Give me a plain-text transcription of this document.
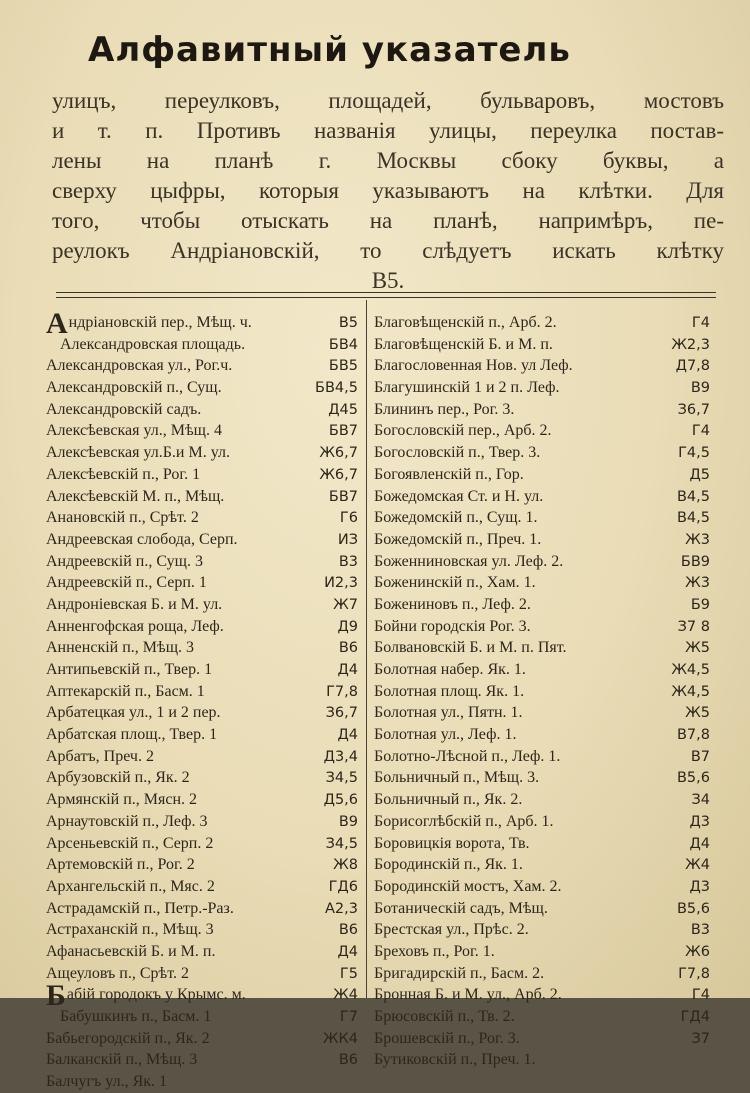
Алфавитный указатель
улицъ, переулковъ, площадей, бульваровъ, мостовъ
и т. п. Противъ названія улицы, переулка постав-
лены на планѣ г. Москвы сбоку буквы, а
сверху цыфры, которыя указываютъ на клѣтки. Для
того, чтобы отыскать на планѣ, напримѣръ, пе-
реулокъ Андріановскій, то слѣдуетъ искать клѣтку
В5.
Андріановскій пер., Мѣщ. ч.	В5
Александровская площадь.	БВ4
Александровская ул., Рог.ч.	БВ5
Александровскій п., Сущ.	БВ4,5
Александровскій садъ.	Д45
Алексѣевская ул., Мѣщ. 4	БВ7
Алексѣевская ул.Б.и М. ул.	Ж6,7
Алексѣевскій п., Рог. 1	Ж6,7
Алексѣевскій М. п., Мѣщ.	БВ7
Анановскій п., Срѣт. 2	Г6
Андреевская слобода, Серп.	ИЗ
Андреевскій п., Сущ. 3	В3
Андреевскій п., Серп. 1	И2,3
Андроніевская Б. и М. ул.	Ж7
Анненгофская роща, Леф.	Д9
Анненскій п., Мѣщ. 3	В6
Антипьевскій п., Твер. 1	Д4
Аптекарскій п., Басм. 1	Г7,8
Арбатецкая ул., 1 и 2 пер.	З6,7
Арбатская площ., Твер. 1	Д4
Арбатъ, Преч. 2	Д3,4
Арбузовскій п., Як. 2	З4,5
Армянскій п., Мясн. 2	Д5,6
Арнаутовскій п., Леф. 3	В9
Арсеньевскій п., Серп. 2	З4,5
Артемовскій п., Рог. 2	Ж8
Архангельскій п., Мяс. 2	ГД6
Астрадамскій п., Петр.-Раз.	А2,3
Астраханскій п., Мѣщ. 3	В6
Афанасьевскій Б. и М. п.	Д4
Ащеуловъ п., Срѣт. 2	Г5
Бабій городокъ у Крымс. м.	Ж4
Бабушкинъ п., Басм. 1	Г7
Бабьегородскій п., Як. 2	ЖК4
Балканскій п., Мѣщ. 3	В6
Балчугъ ул., Як. 1
Благовѣщенскій п., Арб. 2.	Г4
Благовѣщенскій Б. и М. п.	Ж2,3
Благословенная Нов. ул Леф.	Д7,8
Благушинскій 1 и 2 п. Леф.	В9
Блининъ пер., Рог. 3.	З6,7
Богословскій пер., Арб. 2.	Г4
Богословскій п., Твер. 3.	Г4,5
Богоявленскій п., Гор.	Д5
Божедомская Ст. и Н. ул.	В4,5
Божедомскій п., Сущ. 1.	В4,5
Божедомскій п., Преч. 1.	Ж3
Боженниновская ул. Леф. 2.	БВ9
Боженинскій п., Хам. 1.	Ж3
Божениновъ п., Леф. 2.	Б9
Бойни городскія Рог. 3.	З7 8
Болвановскій Б. и М. п. Пят.	Ж5
Болотная набер. Як. 1.	Ж4,5
Болотная площ. Як. 1.	Ж4,5
Болотная ул., Пятн. 1.	Ж5
Болотная ул., Леф. 1.	В7,8
Болотно-Лѣсной п., Леф. 1.	В7
Больничный п., Мѣщ. 3.	В5,6
Больничный п., Як. 2.	З4
Борисоглѣбскій п., Арб. 1.	Д3
Боровицкія ворота, Тв.	Д4
Бородинскій п., Як. 1.	Ж4
Бородинскій мостъ, Хам. 2.	Д3
Ботаническій садъ, Мѣщ.	В5,6
Брестская ул., Прѣс. 2.	В3
Бреховъ п., Рог. 1.	Ж6
Бригадирскій п., Басм. 2.	Г7,8
Бронная Б. и М. ул., Арб. 2.	Г4
Брюсовскій п., Тв. 2.	ГД4
Брошевскій п., Рог. 3.	З7
Бутиковскій п., Преч. 1.
